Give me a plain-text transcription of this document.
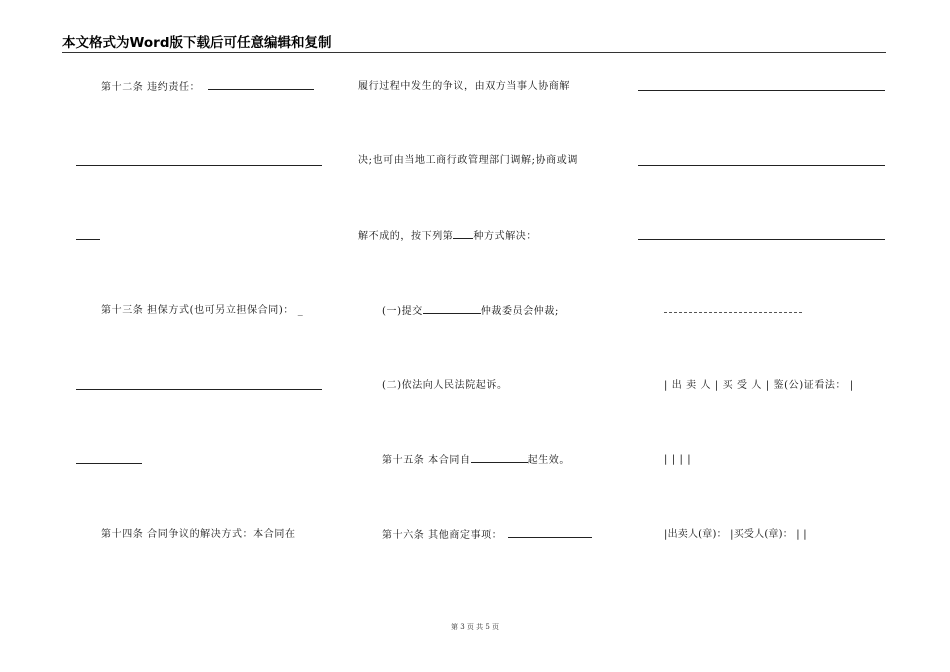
本文格式为Word版下载后可任意编辑和复制
第十二条 违约责任：
第十三条 担保方式(也可另立担保合同)： _
第十四条 合同争议的解决方式：本合同在
履行过程中发生的争议，由双方当事人协商解
决;也可由当地工商行政管理部门调解;协商或调
解不成的，按下列第 种方式解决：
(一)提交	仲裁委员会仲裁;
(二)依法向人民法院起诉。
第十五条 本合同自	起生效。
第十六条 其他商定事项：
| 出 卖 人 | 买 受 人 | 鉴(公)证看法： |
| | | |
|出卖人(章)： |买受人(章)： | |
第 3 页 共 5 页
